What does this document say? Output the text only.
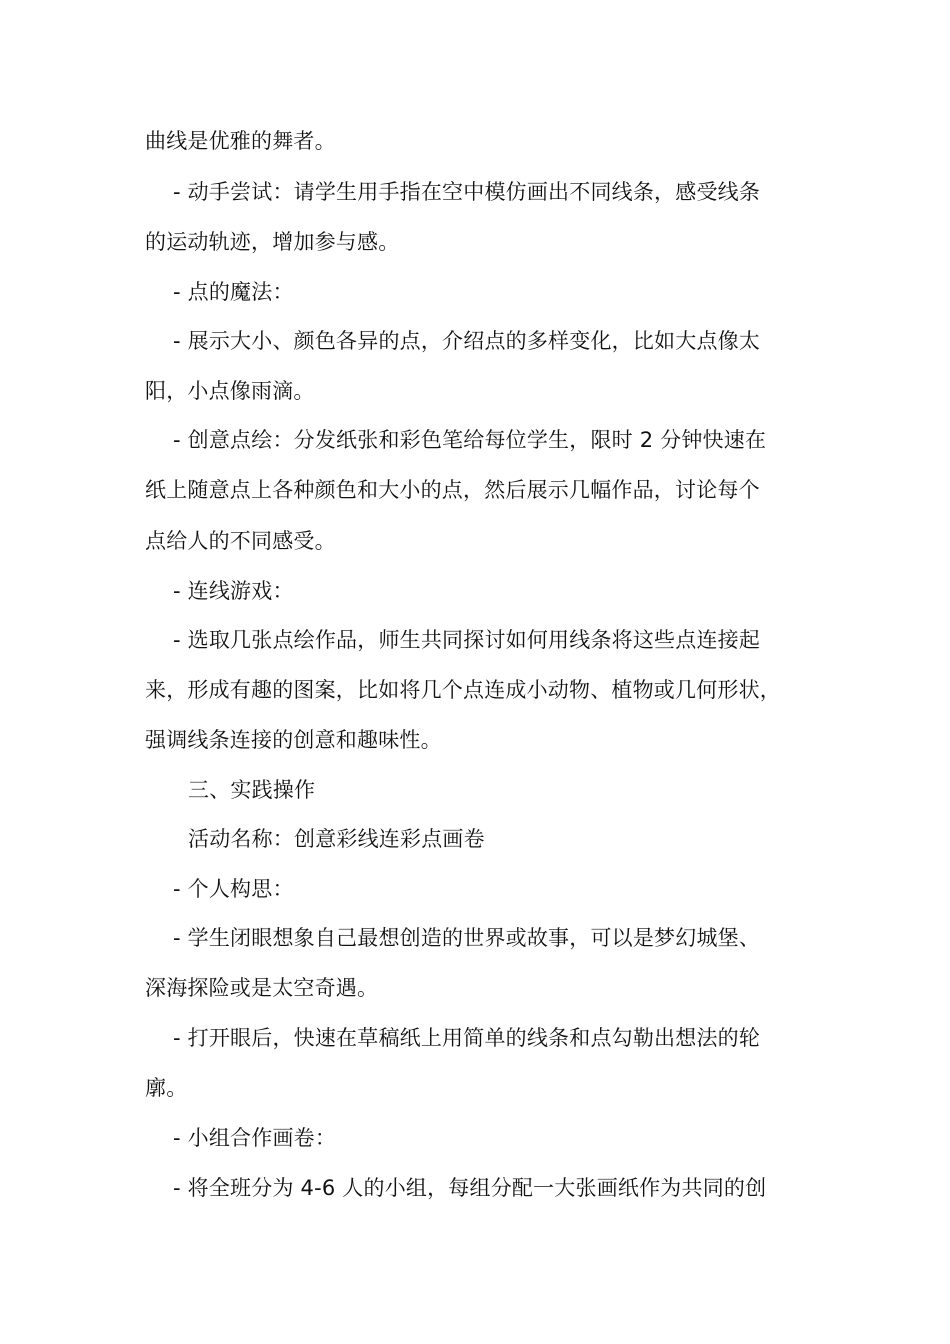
曲线是优雅的舞者。
- 动手尝试：请学生用手指在空中模仿画出不同线条，感受线条
的运动轨迹，增加参与感。
- 点的魔法：
- 展示大小、颜色各异的点，介绍点的多样变化，比如大点像太
阳，小点像雨滴。
- 创意点绘：分发纸张和彩色笔给每位学生，限时 2 分钟快速在
纸上随意点上各种颜色和大小的点，然后展示几幅作品，讨论每个
点给人的不同感受。
- 连线游戏：
- 选取几张点绘作品，师生共同探讨如何用线条将这些点连接起
来，形成有趣的图案，比如将几个点连成小动物、植物或几何形状，
强调线条连接的创意和趣味性。
三、实践操作
活动名称：创意彩线连彩点画卷
- 个人构思：
- 学生闭眼想象自己最想创造的世界或故事，可以是梦幻城堡、
深海探险或是太空奇遇。
- 打开眼后，快速在草稿纸上用简单的线条和点勾勒出想法的轮
廓。
- 小组合作画卷：
- 将全班分为 4-6 人的小组，每组分配一大张画纸作为共同的创
